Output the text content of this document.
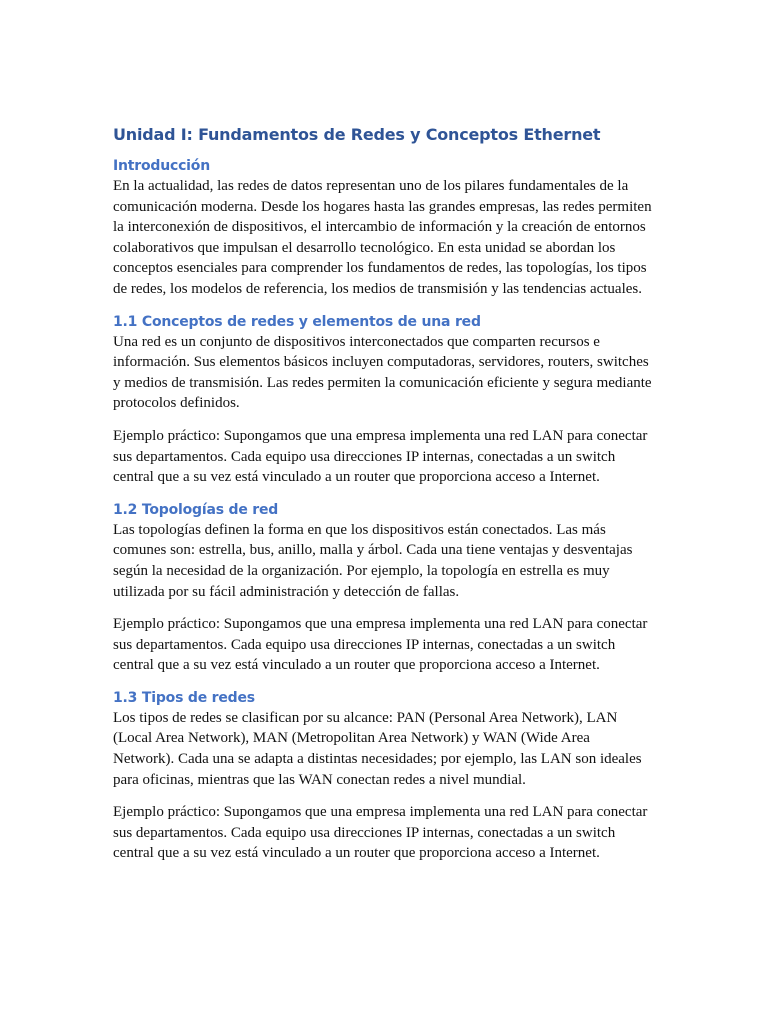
Unidad I: Fundamentos de Redes y Conceptos Ethernet
Introducción

En la actualidad, las redes de datos representan uno de los pilares fundamentales de la
comunicación moderna. Desde los hogares hasta las grandes empresas, las redes permiten
la interconexión de dispositivos, el intercambio de información y la creación de entornos
colaborativos que impulsan el desarrollo tecnológico. En esta unidad se abordan los
conceptos esenciales para comprender los fundamentos de redes, las topologías, los tipos
de redes, los modelos de referencia, los medios de transmisión y las tendencias actuales.

1.1 Conceptos de redes y elementos de una red

Una red es un conjunto de dispositivos interconectados que comparten recursos e
información. Sus elementos básicos incluyen computadoras, servidores, routers, switches
y medios de transmisión. Las redes permiten la comunicación eficiente y segura mediante
protocolos definidos.

Ejemplo práctico: Supongamos que una empresa implementa una red LAN para conectar
sus departamentos. Cada equipo usa direcciones IP internas, conectadas a un switch
central que a su vez está vinculado a un router que proporciona acceso a Internet.

1.2 Topologías de red

Las topologías definen la forma en que los dispositivos están conectados. Las más
comunes son: estrella, bus, anillo, malla y árbol. Cada una tiene ventajas y desventajas
según la necesidad de la organización. Por ejemplo, la topología en estrella es muy
utilizada por su fácil administración y detección de fallas.

Ejemplo práctico: Supongamos que una empresa implementa una red LAN para conectar
sus departamentos. Cada equipo usa direcciones IP internas, conectadas a un switch
central que a su vez está vinculado a un router que proporciona acceso a Internet.

1.3 Tipos de redes

Los tipos de redes se clasifican por su alcance: PAN (Personal Area Network), LAN
(Local Area Network), MAN (Metropolitan Area Network) y WAN (Wide Area
Network). Cada una se adapta a distintas necesidades; por ejemplo, las LAN son ideales
para oficinas, mientras que las WAN conectan redes a nivel mundial.

Ejemplo práctico: Supongamos que una empresa implementa una red LAN para conectar
sus departamentos. Cada equipo usa direcciones IP internas, conectadas a un switch
central que a su vez está vinculado a un router que proporciona acceso a Internet.
